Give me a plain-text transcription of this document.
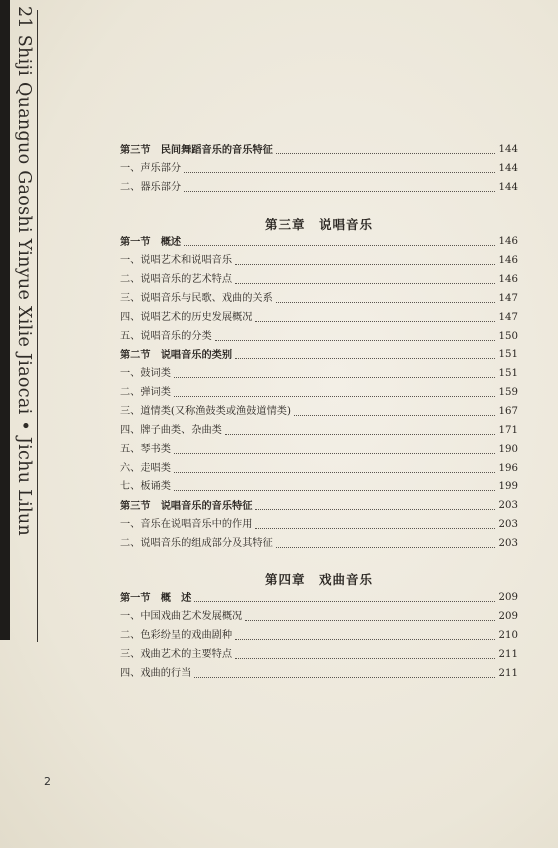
21 Shiji Quanguo Gaoshi Yinyue Xilie Jiaocai • Jichu Lilun	第三节　民间舞蹈音乐的音乐特征	144
一、声乐部分	144
二、器乐部分	144
第三章　说唱音乐
第一节　概述	146
一、说唱艺术和说唱音乐	146
二、说唱音乐的艺术特点	146
三、说唱音乐与民歌、戏曲的关系	147
四、说唱艺术的历史发展概况	147
五、说唱音乐的分类	150
第二节　说唱音乐的类别	151
一、鼓词类	151
二、弹词类	159
三、道情类(又称渔鼓类或渔鼓道情类)	167
四、牌子曲类、杂曲类	171
五、琴书类	190
六、走唱类	196
七、板诵类	199
第三节　说唱音乐的音乐特征	203
一、音乐在说唱音乐中的作用	203
二、说唱音乐的组成部分及其特征	203
第四章　戏曲音乐
第一节　概　述	209
一、中国戏曲艺术发展概况	209
二、色彩纷呈的戏曲剧种	210
三、戏曲艺术的主要特点	211
四、戏曲的行当	211
2
